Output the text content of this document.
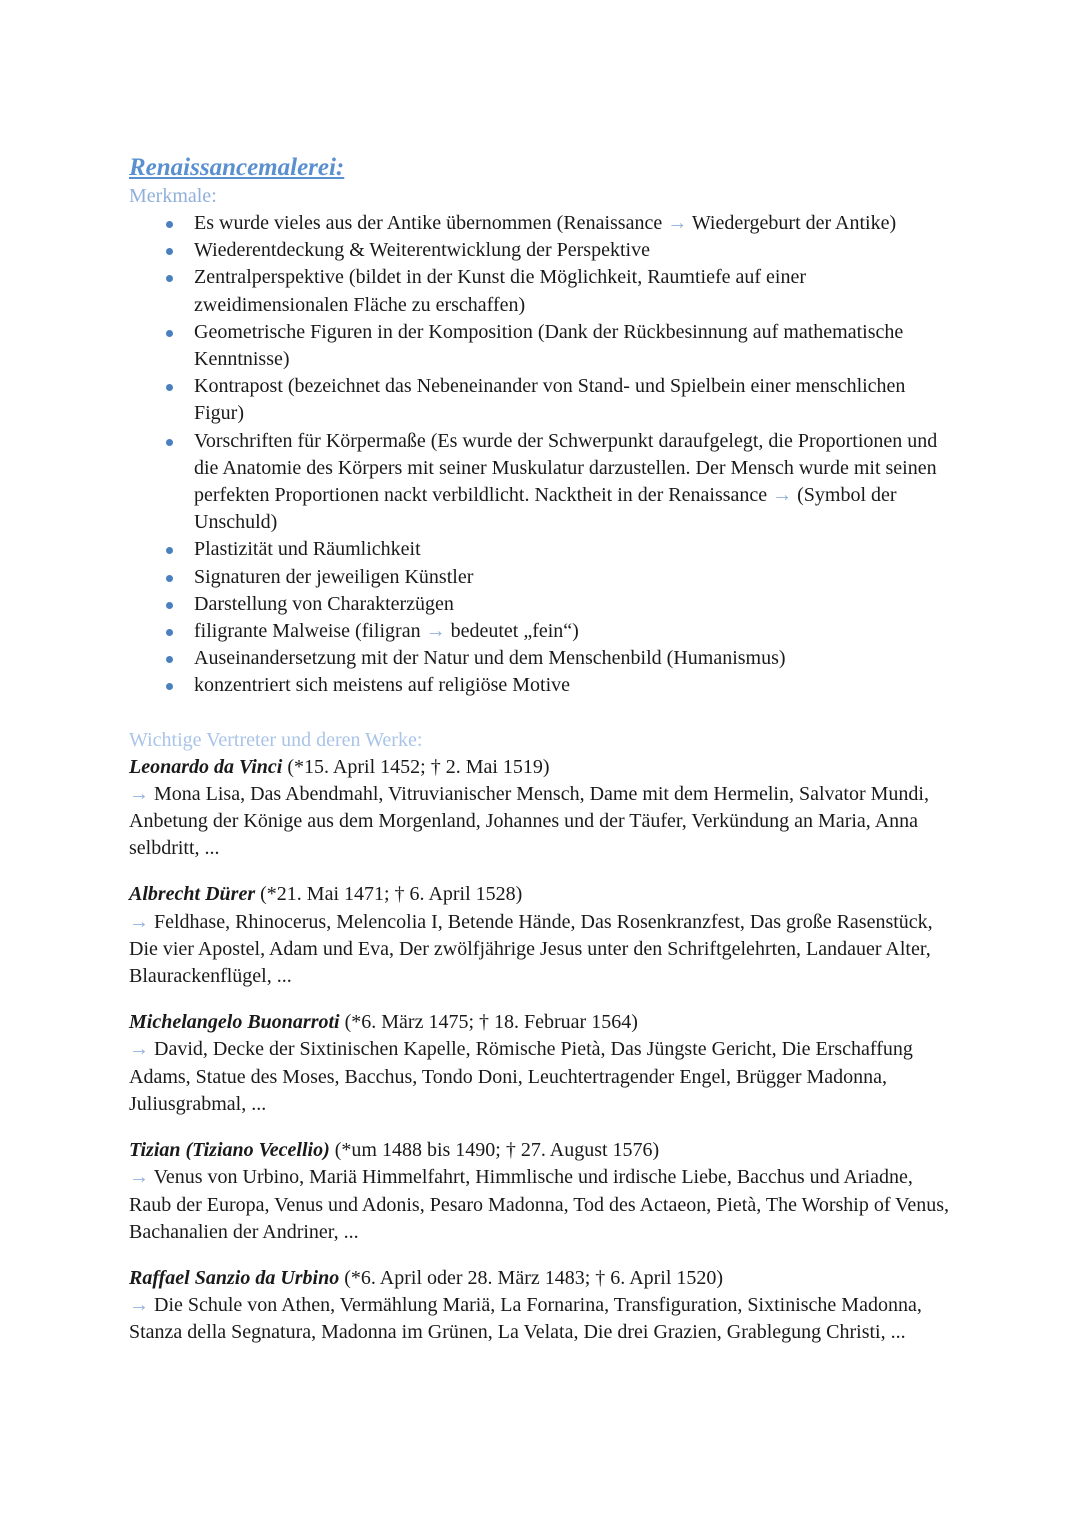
Renaissancemalerei:

Merkmale:

Es wurde vieles aus der Antike übernommen (Renaissance → Wiedergeburt der Antike)
Wiederentdeckung & Weiterentwicklung der Perspektive
Zentralperspektive (bildet in der Kunst die Möglichkeit, Raumtiefe auf einer zweidimensionalen Fläche zu erschaffen)
Geometrische Figuren in der Komposition (Dank der Rückbesinnung auf mathematische Kenntnisse)
Kontrapost (bezeichnet das Nebeneinander von Stand- und Spielbein einer menschlichen Figur)
Vorschriften für Körpermaße (Es wurde der Schwerpunkt daraufgelegt, die Proportionen und die Anatomie des Körpers mit seiner Muskulatur darzustellen. Der Mensch wurde mit seinen perfekten Proportionen nackt verbildlicht. Nacktheit in der Renaissance → (Symbol der Unschuld)
Plastizität und Räumlichkeit
Signaturen der jeweiligen Künstler
Darstellung von Charakterzügen
filigrante Malweise (filigran → bedeutet „fein“)
Auseinandersetzung mit der Natur und dem Menschenbild (Humanismus)
konzentriert sich meistens auf religiöse Motive

Wichtige Vertreter und deren Werke:

Leonardo da Vinci (*15. April 1452; † 2. Mai 1519)

→ Mona Lisa, Das Abendmahl, Vitruvianischer Mensch, Dame mit dem Hermelin, Salvator Mundi, Anbetung der Könige aus dem Morgenland, Johannes und der Täufer, Verkündung an Maria, Anna selbdritt, ...

Albrecht Dürer (*21. Mai 1471; † 6. April 1528)

→ Feldhase, Rhinocerus, Melencolia I, Betende Hände, Das Rosenkranzfest, Das große Rasenstück, Die vier Apostel, Adam und Eva, Der zwölfjährige Jesus unter den Schriftgelehrten, Landauer Alter, Blaurackenflügel, ...

Michelangelo Buonarroti (*6. März 1475; † 18. Februar 1564)

→ David, Decke der Sixtinischen Kapelle, Römische Pietà, Das Jüngste Gericht, Die Erschaffung Adams, Statue des Moses, Bacchus, Tondo Doni, Leuchtertragender Engel, Brügger Madonna, Juliusgrabmal, ...

Tizian (Tiziano Vecellio) (*um 1488 bis 1490; † 27. August 1576)

→ Venus von Urbino, Mariä Himmelfahrt, Himmlische und irdische Liebe, Bacchus und Ariadne, Raub der Europa, Venus und Adonis, Pesaro Madonna, Tod des Actaeon, Pietà, The Worship of Venus, Bachanalien der Andriner, ...

Raffael Sanzio da Urbino (*6. April oder 28. März 1483; † 6. April 1520)

→ Die Schule von Athen, Vermählung Mariä, La Fornarina, Transfiguration, Sixtinische Madonna, Stanza della Segnatura, Madonna im Grünen, La Velata, Die drei Grazien, Grablegung Christi, ...
